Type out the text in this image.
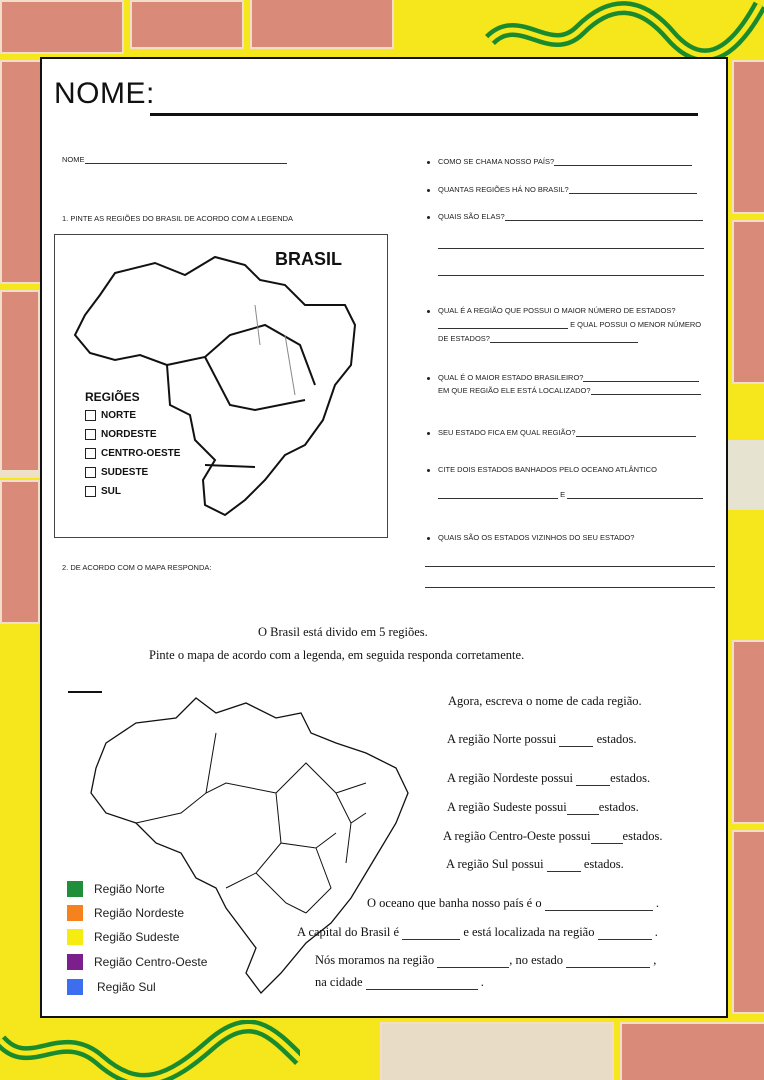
NOME:
NOME
1. PINTE AS REGIÕES DO BRASIL DE ACORDO COM A LEGENDA
BRASIL
REGIÕES
NORTE
NORDESTE
CENTRO-OESTE
SUDESTE
SUL
2. DE ACORDO COM O MAPA RESPONDA:
COMO SE CHAMA NOSSO PAÍS?
QUANTAS REGIÕES HÁ NO BRASIL?
QUAIS SÃO ELAS?
QUAL É A REGIÃO QUE POSSUI O MAIOR NÚMERO DE ESTADOS?
E QUAL POSSUI O MENOR NÚMERO
DE ESTADOS?
QUAL É O MAIOR ESTADO BRASILEIRO?
EM QUE REGIÃO ELE ESTÁ LOCALIZADO?
SEU ESTADO FICA EM QUAL REGIÃO?
CITE DOIS ESTADOS BANHADOS PELO OCEANO ATLÂNTICO
E
QUAIS SÃO OS ESTADOS VIZINHOS DO SEU ESTADO?
O Brasil está divido em 5 regiões.
Pinte o mapa de acordo com a legenda, em seguida responda corretamente.
Região Norte
Região Nordeste
Região Sudeste
Região Centro-Oeste
Região Sul
Agora, escreva o nome de cada região.
A região Norte possui	estados.
A região Nordeste possui	estados.
A região Sudeste possui	estados.
A região Centro-Oeste possui	estados.
A região Sul possui	estados.
O oceano que banha nosso país é o	.
A capital do Brasil é	e está localizada na região	.
Nós moramos na região	, no estado	,
na cidade	.
